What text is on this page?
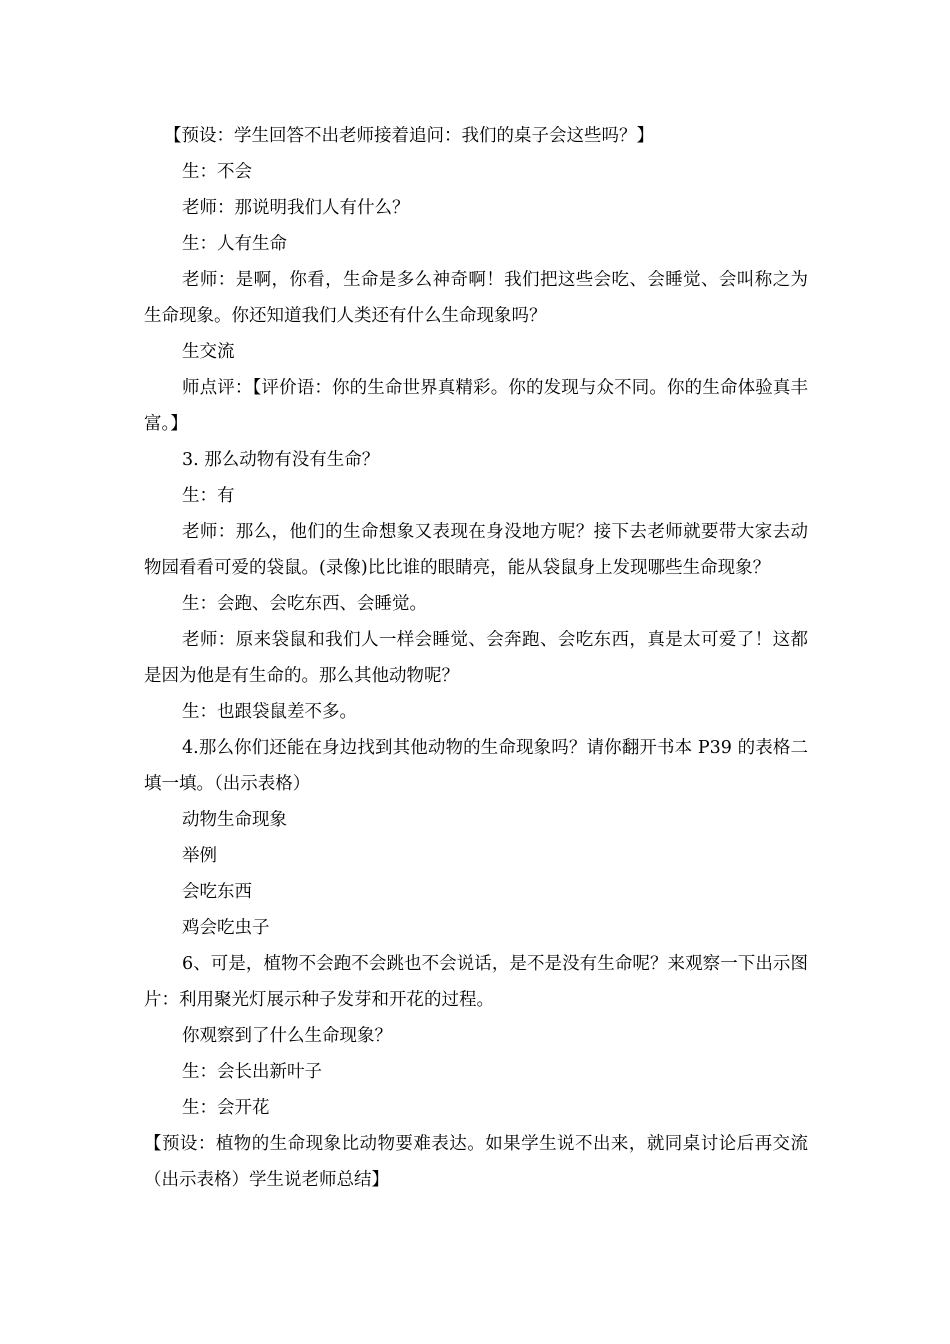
【预设：学生回答不出老师接着追问：我们的桌子会这些吗？】

生：不会

老师：那说明我们人有什么？

生：人有生命

老师：是啊，你看，生命是多么神奇啊！我们把这些会吃、会睡觉、会叫称之为生命现象。你还知道我们人类还有什么生命现象吗？

生交流

师点评：【评价语：你的生命世界真精彩。你的发现与众不同。你的生命体验真丰富。】

3. 那么动物有没有生命？

生：有

老师：那么，他们的生命想象又表现在身没地方呢？接下去老师就要带大家去动物园看看可爱的袋鼠。(录像)比比谁的眼睛亮，能从袋鼠身上发现哪些生命现象？

生：会跑、会吃东西、会睡觉。

老师：原来袋鼠和我们人一样会睡觉、会奔跑、会吃东西，真是太可爱了！这都是因为他是有生命的。那么其他动物呢？

生：也跟袋鼠差不多。

4.那么你们还能在身边找到其他动物的生命现象吗？请你翻开书本 P39 的表格二填一填。（出示表格）

动物生命现象

举例

会吃东西

鸡会吃虫子

6、可是，植物不会跑不会跳也不会说话，是不是没有生命呢？来观察一下出示图片：利用聚光灯展示种子发芽和开花的过程。

你观察到了什么生命现象？

生：会长出新叶子

生：会开花

【预设：植物的生命现象比动物要难表达。如果学生说不出来，就同桌讨论后再交流（出示表格）学生说老师总结】
